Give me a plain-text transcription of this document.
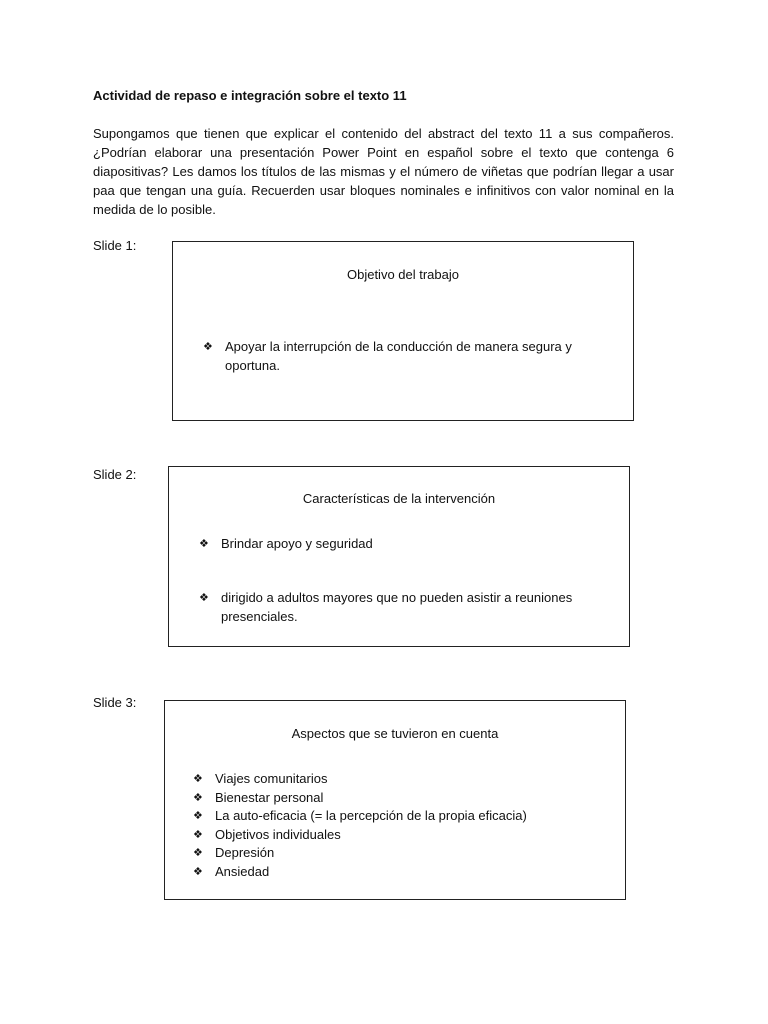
Actividad de repaso e integración sobre el texto 11
Supongamos que tienen que explicar el contenido del abstract del texto 11 a sus compañeros. ¿Podrían elaborar una presentación Power Point en español sobre el texto que contenga 6 diapositivas? Les damos los títulos de las mismas y el número de viñetas que podrían llegar a usar paa que tengan una guía. Recuerden usar bloques nominales e infinitivos con valor nominal en la medida de lo posible.
Slide 1:
Objetivo del trabajo
❖ Apoyar la interrupción de la conducción de manera segura y oportuna.
Slide 2:
Características de la intervención
❖ Brindar apoyo y seguridad
❖ dirigido a adultos mayores que no pueden asistir a reuniones presenciales.
Slide 3:
Aspectos que se tuvieron en cuenta
❖ Viajes comunitarios
❖ Bienestar personal
❖ La auto-eficacia (= la percepción de la propia eficacia)
❖ Objetivos individuales
❖ Depresión
❖ Ansiedad
